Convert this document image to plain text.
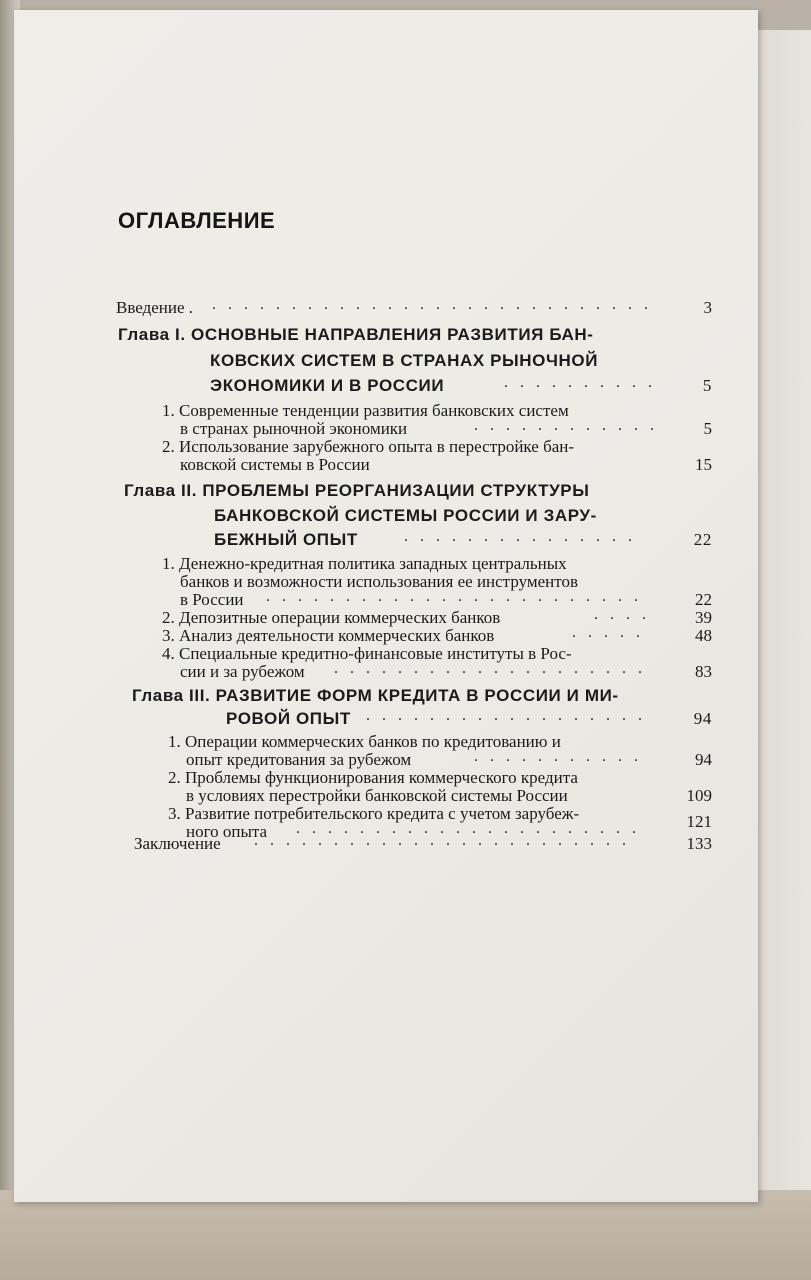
ОГЛАВЛЕНИЕ
Введение . . . . . . . . . . . . . . . . . . . . . . . . . . . . .	3
Глава I. ОСНОВНЫЕ НАПРАВЛЕНИЯ РАЗВИТИЯ БАН-
КОВСКИХ СИСТЕМ В СТРАНАХ РЫНОЧНОЙ
ЭКОНОМИКИ И В РОССИИ	. . . . . . . . . .	5
1. Современные тенденции развития банковских систем
в странах рыночной экономики	. . . . . . . . . . . .	5
2. Использование зарубежного опыта в перестройке бан-
ковской системы в России	15
Глава II. ПРОБЛЕМЫ РЕОРГАНИЗАЦИИ СТРУКТУРЫ
БАНКОВСКОЙ СИСТЕМЫ РОССИИ И ЗАРУ-
БЕЖНЫЙ ОПЫТ	. . . . . . . . . . . . . . .	22
1. Денежно-кредитная политика западных центральных
банков и возможности использования ее инструментов
в России . . . . . . . . . . . . . . . . . . . . . . . .	22
2. Депозитные операции коммерческих банков	. . . .	39
3. Анализ деятельности коммерческих банков	. . . . .	48
4. Специальные кредитно-финансовые институты в Рос-
сии и за рубежом . . . . . . . . . . . . . . . . . . . .	83
Глава III. РАЗВИТИЕ ФОРМ КРЕДИТА В РОССИИ И МИ-
РОВОЙ ОПЫТ . . . . . . . . . . . . . . . . . .	94
1. Операции коммерческих банков по кредитованию и
опыт кредитования за рубежом	. . . . . . . . . . .	94
2. Проблемы функционирования коммерческого кредита
в условиях перестройки банковской системы России	109
3. Развитие потребительского кредита с учетом зарубеж-
ного опыта . . . . . . . . . . . . . . . . . . . . . .	121
Заключение . . . . . . . . . . . . . . . . . . . . . . . .	133
